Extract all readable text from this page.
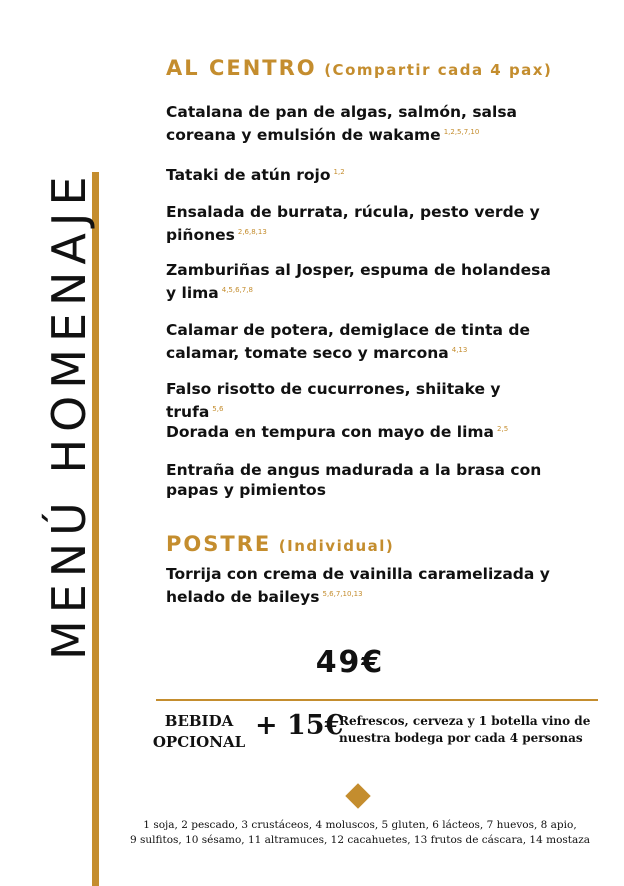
MENÚ HOMENAJE
AL CENTRO (Compartir cada 4 pax)
Catalana de pan de algas, salmón, salsa coreana y emulsión de wakame $^{1,2,5,7,10}$
Tataki de atún rojo $^{1,2}$
Ensalada de burrata, rúcula, pesto verde y piñones $^{2,6,8,13}$
Zamburiñas al Josper, espuma de holandesa y lima $^{4,5,6,7,8}$
Calamar de potera, demiglace de tinta de calamar, tomate seco y marcona $^{4,13}$
Falso risotto de cucurrones, shiitake y trufa $^{5,6}$
Dorada en tempura con mayo de lima $^{2,5}$
Entraña de angus madurada a la brasa con papas y pimientos
POSTRE (Individual)
Torrija con crema de vainilla caramelizada y helado de baileys $^{5,6,7,10,13}$
49€
BEBIDA
OPCIONAL
+ 15€
Refrescos, cerveza y 1 botella vino de
nuestra bodega por cada 4 personas
1 soja, 2 pescado, 3 crustáceos, 4 moluscos, 5 gluten, 6 lácteos, 7 huevos, 8 apio,
9 sulfitos, 10 sésamo, 11 altramuces, 12 cacahuetes, 13 frutos de cáscara, 14 mostaza
